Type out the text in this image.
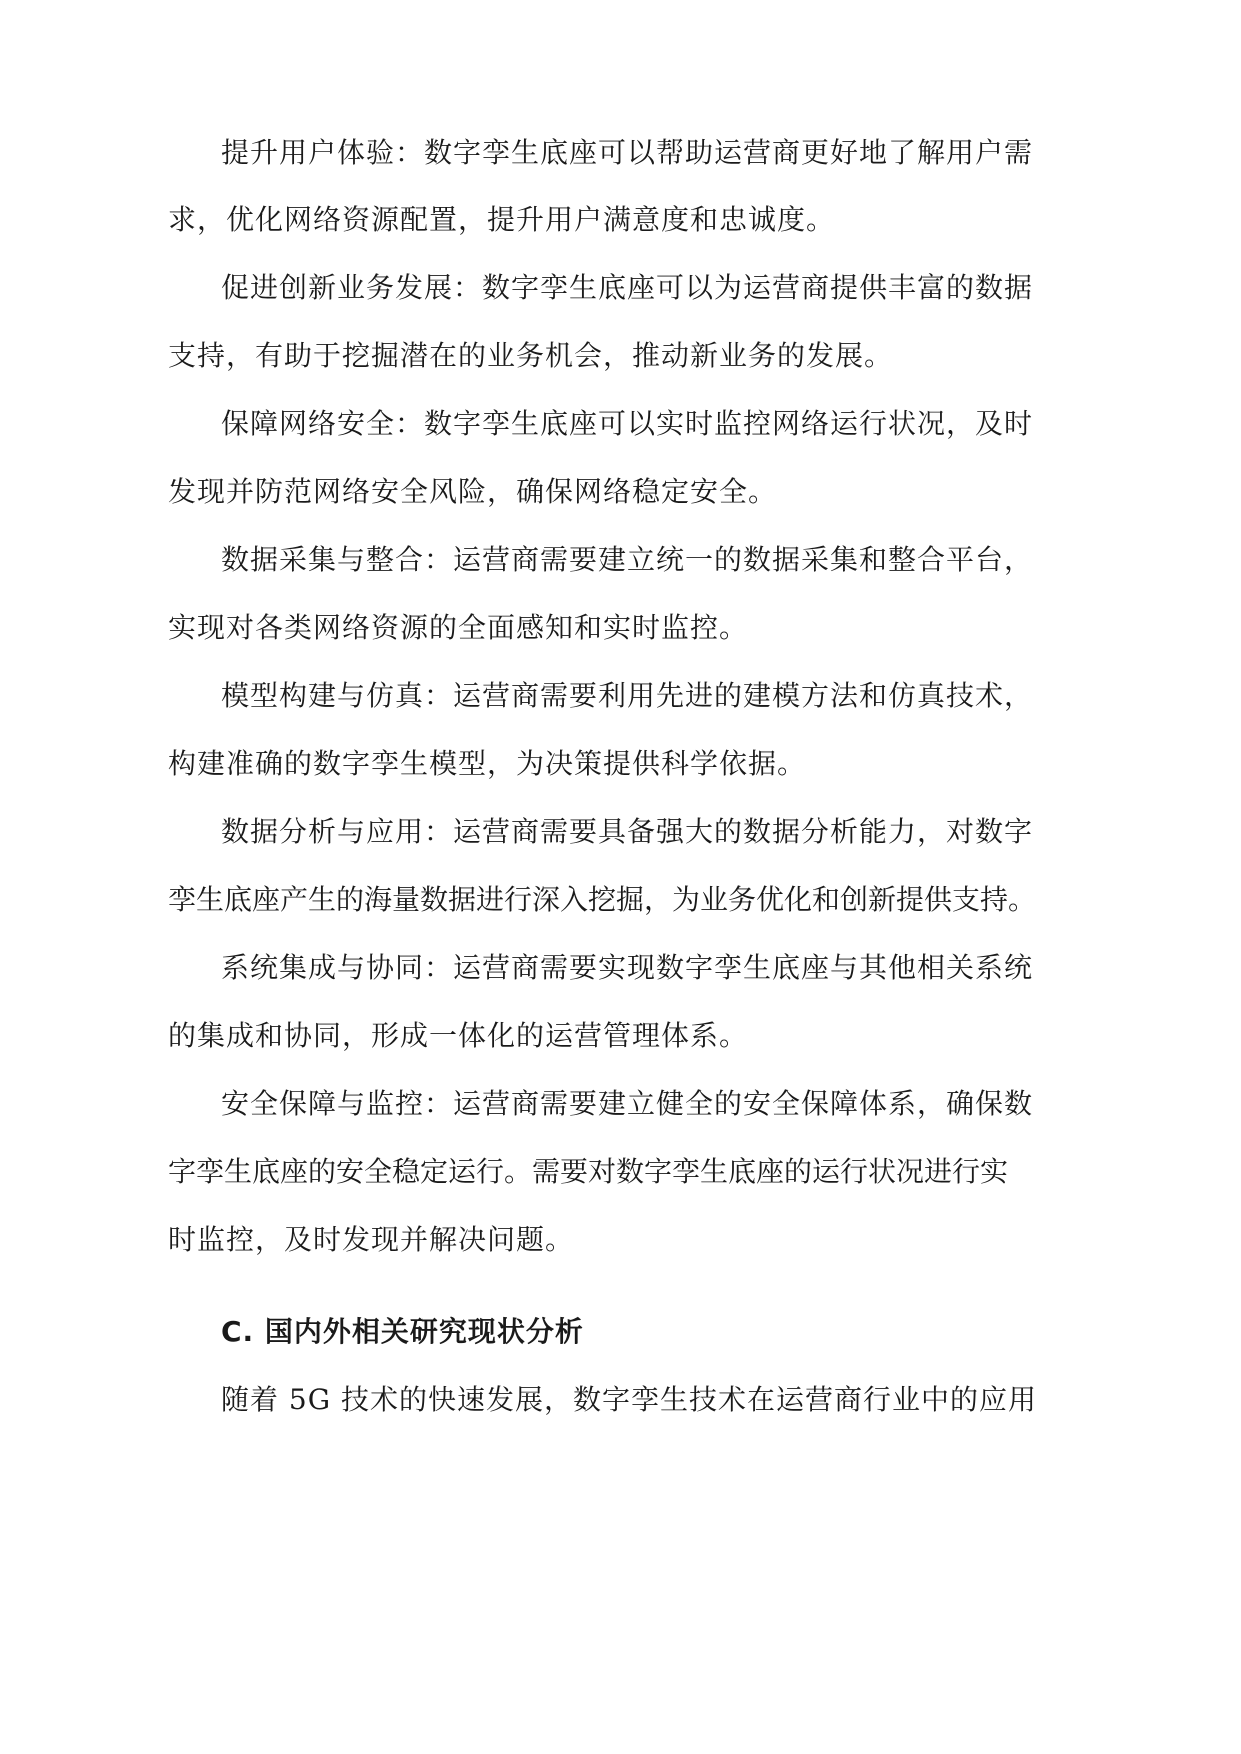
提升用户体验：数字孪生底座可以帮助运营商更好地了解用户需
求，优化网络资源配置，提升用户满意度和忠诚度。
促进创新业务发展：数字孪生底座可以为运营商提供丰富的数据
支持，有助于挖掘潜在的业务机会，推动新业务的发展。
保障网络安全：数字孪生底座可以实时监控网络运行状况，及时
发现并防范网络安全风险，确保网络稳定安全。
数据采集与整合：运营商需要建立统一的数据采集和整合平台，
实现对各类网络资源的全面感知和实时监控。
模型构建与仿真：运营商需要利用先进的建模方法和仿真技术，
构建准确的数字孪生模型，为决策提供科学依据。
数据分析与应用：运营商需要具备强大的数据分析能力，对数字
孪生底座产生的海量数据进行深入挖掘，为业务优化和创新提供支持。
系统集成与协同：运营商需要实现数字孪生底座与其他相关系统
的集成和协同，形成一体化的运营管理体系。
安全保障与监控：运营商需要建立健全的安全保障体系，确保数
字孪生底座的安全稳定运行。需要对数字孪生底座的运行状况进行实
时监控，及时发现并解决问题。
C. 国内外相关研究现状分析
随着 5G 技术的快速发展，数字孪生技术在运营商行业中的应用
